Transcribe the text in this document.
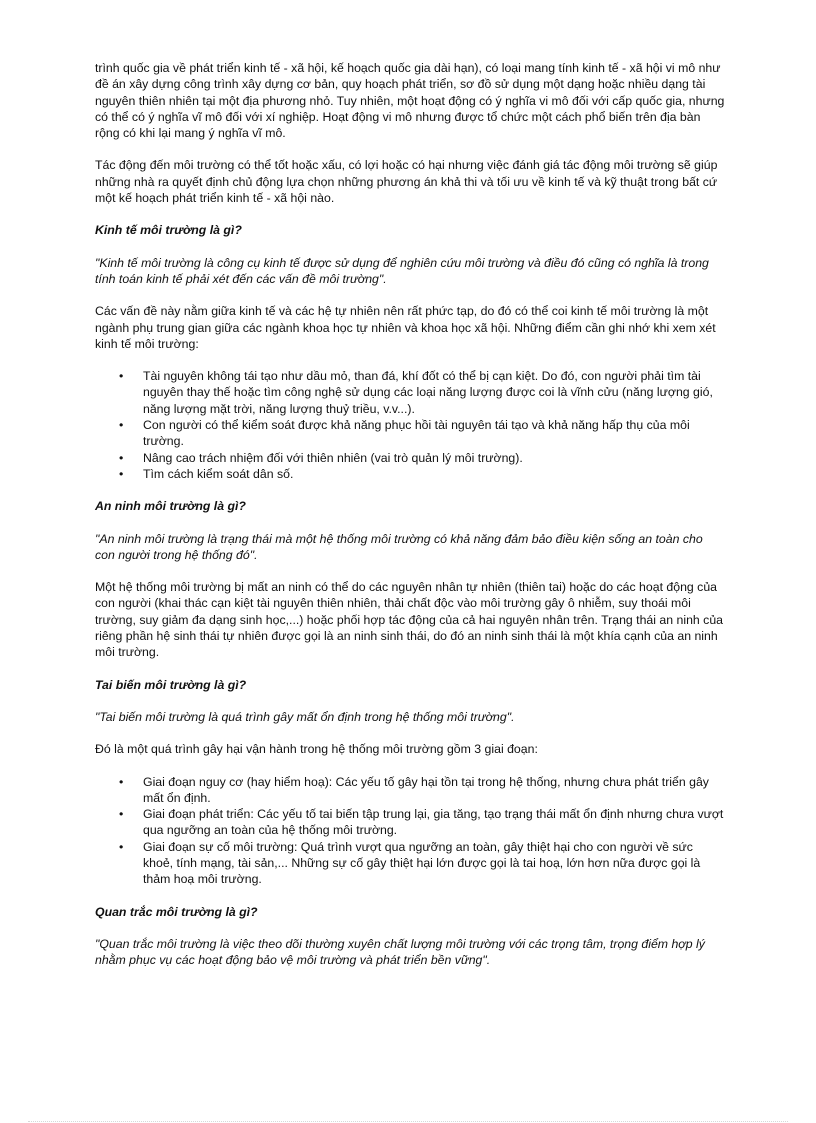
trình quốc gia về phát triển kinh tế - xã hội, kế hoạch quốc gia dài hạn), có loại mang tính kinh tế - xã hội vi mô như đề án xây dựng công trình xây dựng cơ bản, quy hoạch phát triển, sơ đồ sử dụng một dạng hoặc nhiều dạng tài nguyên thiên nhiên tại một địa phương nhỏ. Tuy nhiên, một hoạt động có ý nghĩa vi mô đối với cấp quốc gia, nhưng có thể có ý nghĩa vĩ mô đối với xí nghiệp. Hoạt động vi mô nhưng được tổ chức một cách phổ biến trên địa bàn rộng có khi lại mang ý nghĩa vĩ mô.

Tác động đến môi trường có thể tốt hoặc xấu, có lợi hoặc có hại nhưng việc đánh giá tác động môi trường sẽ giúp những nhà ra quyết định chủ động lựa chọn những phương án khả thi và tối ưu về kinh tế và kỹ thuật trong bất cứ một kế hoạch phát triển kinh tế - xã hội nào.

Kinh tế môi trường là gì?

"Kinh tế môi trường là công cụ kinh tế được sử dụng để nghiên cứu môi trường và điều đó cũng có nghĩa là trong tính toán kinh tế phải xét đến các vấn đề môi trường".

Các vấn đề này nằm giữa kinh tế và các hệ tự nhiên nên rất phức tạp, do đó có thể coi kinh tế môi trường là một ngành phụ trung gian giữa các ngành khoa học tự nhiên và khoa học xã hội. Những điểm cần ghi nhớ khi xem xét kinh tế môi trường:

• Tài nguyên không tái tạo như dầu mỏ, than đá, khí đốt có thể bị cạn kiệt. Do đó, con người phải tìm tài nguyên thay thế hoặc tìm công nghệ sử dụng các loại năng lượng được coi là vĩnh cửu (năng lượng gió, năng lượng mặt trời, năng lượng thuỷ triều, v.v...).
• Con người có thể kiểm soát được khả năng phục hồi tài nguyên tái tạo và khả năng hấp thụ của môi trường.
• Nâng cao trách nhiệm đối với thiên nhiên (vai trò quản lý môi trường).
• Tìm cách kiểm soát dân số.

An ninh môi trường là gì?

"An ninh môi trường là trạng thái mà một hệ thống môi trường có khả năng đảm bảo điều kiện sống an toàn cho con người trong hệ thống đó".

Một hệ thống môi trường bị mất an ninh có thể do các nguyên nhân tự nhiên (thiên tai) hoặc do các hoạt động của con người (khai thác cạn kiệt tài nguyên thiên nhiên, thải chất độc vào môi trường gây ô nhiễm, suy thoái môi trường, suy giảm đa dạng sinh học,...) hoặc phối hợp tác động của cả hai nguyên nhân trên. Trạng thái an ninh của riêng phần hệ sinh thái tự nhiên được gọi là an ninh sinh thái, do đó an ninh sinh thái là một khía cạnh của an ninh môi trường.

Tai biến môi trường là gì?

"Tai biến môi trường là quá trình gây mất ổn định trong hệ thống môi trường".

Đó là một quá trình gây hại vận hành trong hệ thống môi trường gồm 3 giai đoạn:

• Giai đoạn nguy cơ (hay hiểm hoạ): Các yếu tố gây hại tồn tại trong hệ thống, nhưng chưa phát triển gây mất ổn định.
• Giai đoạn phát triển: Các yếu tố tai biến tập trung lại, gia tăng, tạo trạng thái mất ổn định nhưng chưa vượt qua ngưỡng an toàn của hệ thống môi trường.
• Giai đoạn sự cố môi trường: Quá trình vượt qua ngưỡng an toàn, gây thiệt hại cho con người về sức khoẻ, tính mạng, tài sản,... Những sự cố gây thiệt hại lớn được gọi là tai hoạ, lớn hơn nữa được gọi là thảm hoạ môi trường.

Quan trắc môi trường là gì?

"Quan trắc môi trường là việc theo dõi thường xuyên chất lượng môi trường với các trọng tâm, trọng điểm hợp lý nhằm phục vụ các hoạt động bảo vệ môi trường và phát triển bền vững".
